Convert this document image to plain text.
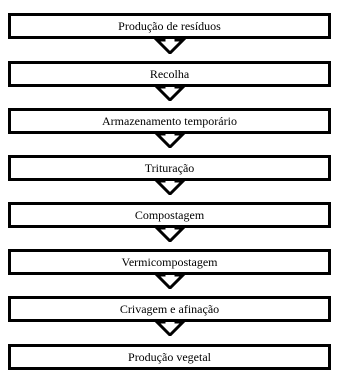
Produção de resíduos
Recolha
Armazenamento temporário
Trituração
Compostagem
Vermicompostagem
Crivagem e afinação
Produção vegetal
